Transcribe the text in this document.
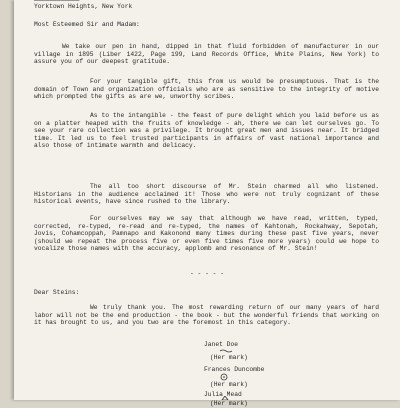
Yorktown Heights, New York
Most Esteemed Sir and Madam:
We take our pen in hand, dipped in that fluid forbidden of manufacturer in our village in 1895 (Liber 1422, Page 199, Land Records Office, White Plains, New York) to assure you of our deepest gratitude.
For your tangible gift, this from us would be presumptuous. That is the domain of Town and organization officials who are as sensitive to the integrity of motive which prompted the gifts as are we, unworthy scribes.
As to the intangible - the feast of pure delight which you laid before us as on a platter heaped with the fruits of knowledge - ah, there we can let ourselves go. To see your rare collection was a privilege. It brought great men and issues near. It bridged time. It led us to feel trusted participants in affairs of vast national importance and also those of intimate warmth and delicacy.
The all too short discourse of Mr. Stein charmed all who listened. Historians in the audience acclaimed it! Those who were not truly cognizant of these historical events, have since rushed to the library.
For ourselves may we say that although we have read, written, typed, corrected, re-typed, re-read and re-typed, the names of Kahtonah, Rockahway, Sepotah, Jovis, Cohamcoppah, Pamnapo and Kakonond many times during these past five years, never (should we repeat the process five or even five times five more years) could we hope to vocalize those names with the accuracy, applomb and resonance of Mr. Stein!
- - - - -
Dear Steins:
We truly thank you. The most rewarding return of our many years of hard labor will not be the end production - the book - but the wonderful friends that working on it has brought to us, and you two are the foremost in this category.
Janet Doe
(Her mark)
Frances Duncombe
(Her mark)
Julia Mead
(Her mark)
